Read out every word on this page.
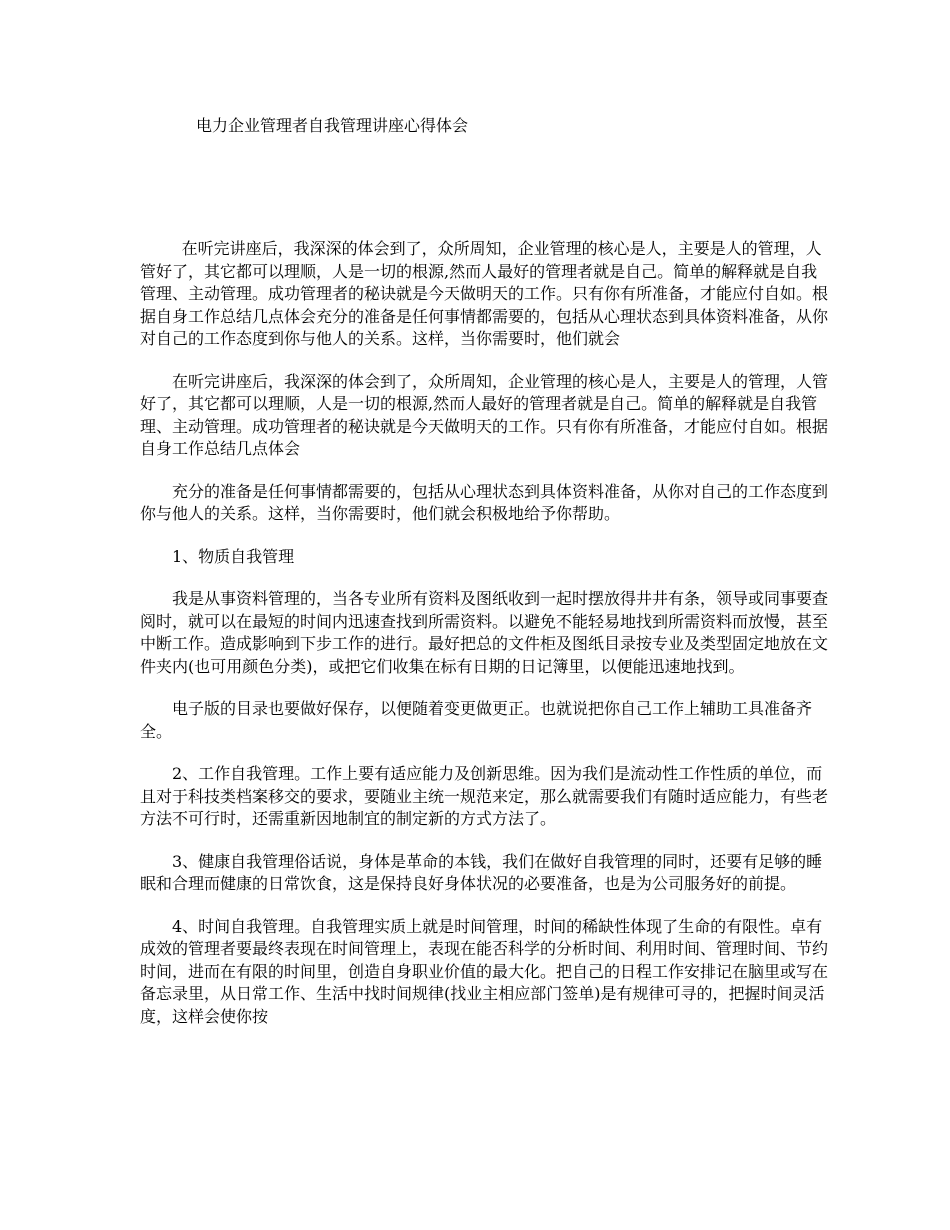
电力企业管理者自我管理讲座心得体会

在听完讲座后，我深深的体会到了，众所周知，企业管理的核心是人，主要是人的管理，人管好了，其它都可以理顺，人是一切的根源,然而人最好的管理者就是自己。简单的解释就是自我管理、主动管理。成功管理者的秘诀就是今天做明天的工作。只有你有所准备，才能应付自如。根据自身工作总结几点体会充分的准备是任何事情都需要的，包括从心理状态到具体资料准备，从你对自己的工作态度到你与他人的关系。这样，当你需要时，他们就会

在听完讲座后，我深深的体会到了，众所周知，企业管理的核心是人，主要是人的管理，人管好了，其它都可以理顺，人是一切的根源,然而人最好的管理者就是自己。简单的解释就是自我管理、主动管理。成功管理者的秘诀就是今天做明天的工作。只有你有所准备，才能应付自如。根据自身工作总结几点体会

充分的准备是任何事情都需要的，包括从心理状态到具体资料准备，从你对自己的工作态度到你与他人的关系。这样，当你需要时，他们就会积极地给予你帮助。

1、物质自我管理

我是从事资料管理的，当各专业所有资料及图纸收到一起时摆放得井井有条，领导或同事要查阅时，就可以在最短的时间内迅速查找到所需资料。以避免不能轻易地找到所需资料而放慢，甚至中断工作。造成影响到下步工作的进行。最好把总的文件柜及图纸目录按专业及类型固定地放在文件夹内(也可用颜色分类)，或把它们收集在标有日期的日记簿里，以便能迅速地找到。

电子版的目录也要做好保存，以便随着变更做更正。也就说把你自己工作上辅助工具准备齐全。

2、工作自我管理。工作上要有适应能力及创新思维。因为我们是流动性工作性质的单位，而且对于科技类档案移交的要求，要随业主统一规范来定，那么就需要我们有随时适应能力，有些老方法不可行时，还需重新因地制宜的制定新的方式方法了。

3、健康自我管理俗话说，身体是革命的本钱，我们在做好自我管理的同时，还要有足够的睡眠和合理而健康的日常饮食，这是保持良好身体状况的必要准备，也是为公司服务好的前提。

4、时间自我管理。自我管理实质上就是时间管理，时间的稀缺性体现了生命的有限性。卓有成效的管理者要最终表现在时间管理上，表现在能否科学的分析时间、利用时间、管理时间、节约时间，进而在有限的时间里，创造自身职业价值的最大化。把自己的日程工作安排记在脑里或写在备忘录里，从日常工作、生活中找时间规律(找业主相应部门签单)是有规律可寻的，把握时间灵活度，这样会使你按
